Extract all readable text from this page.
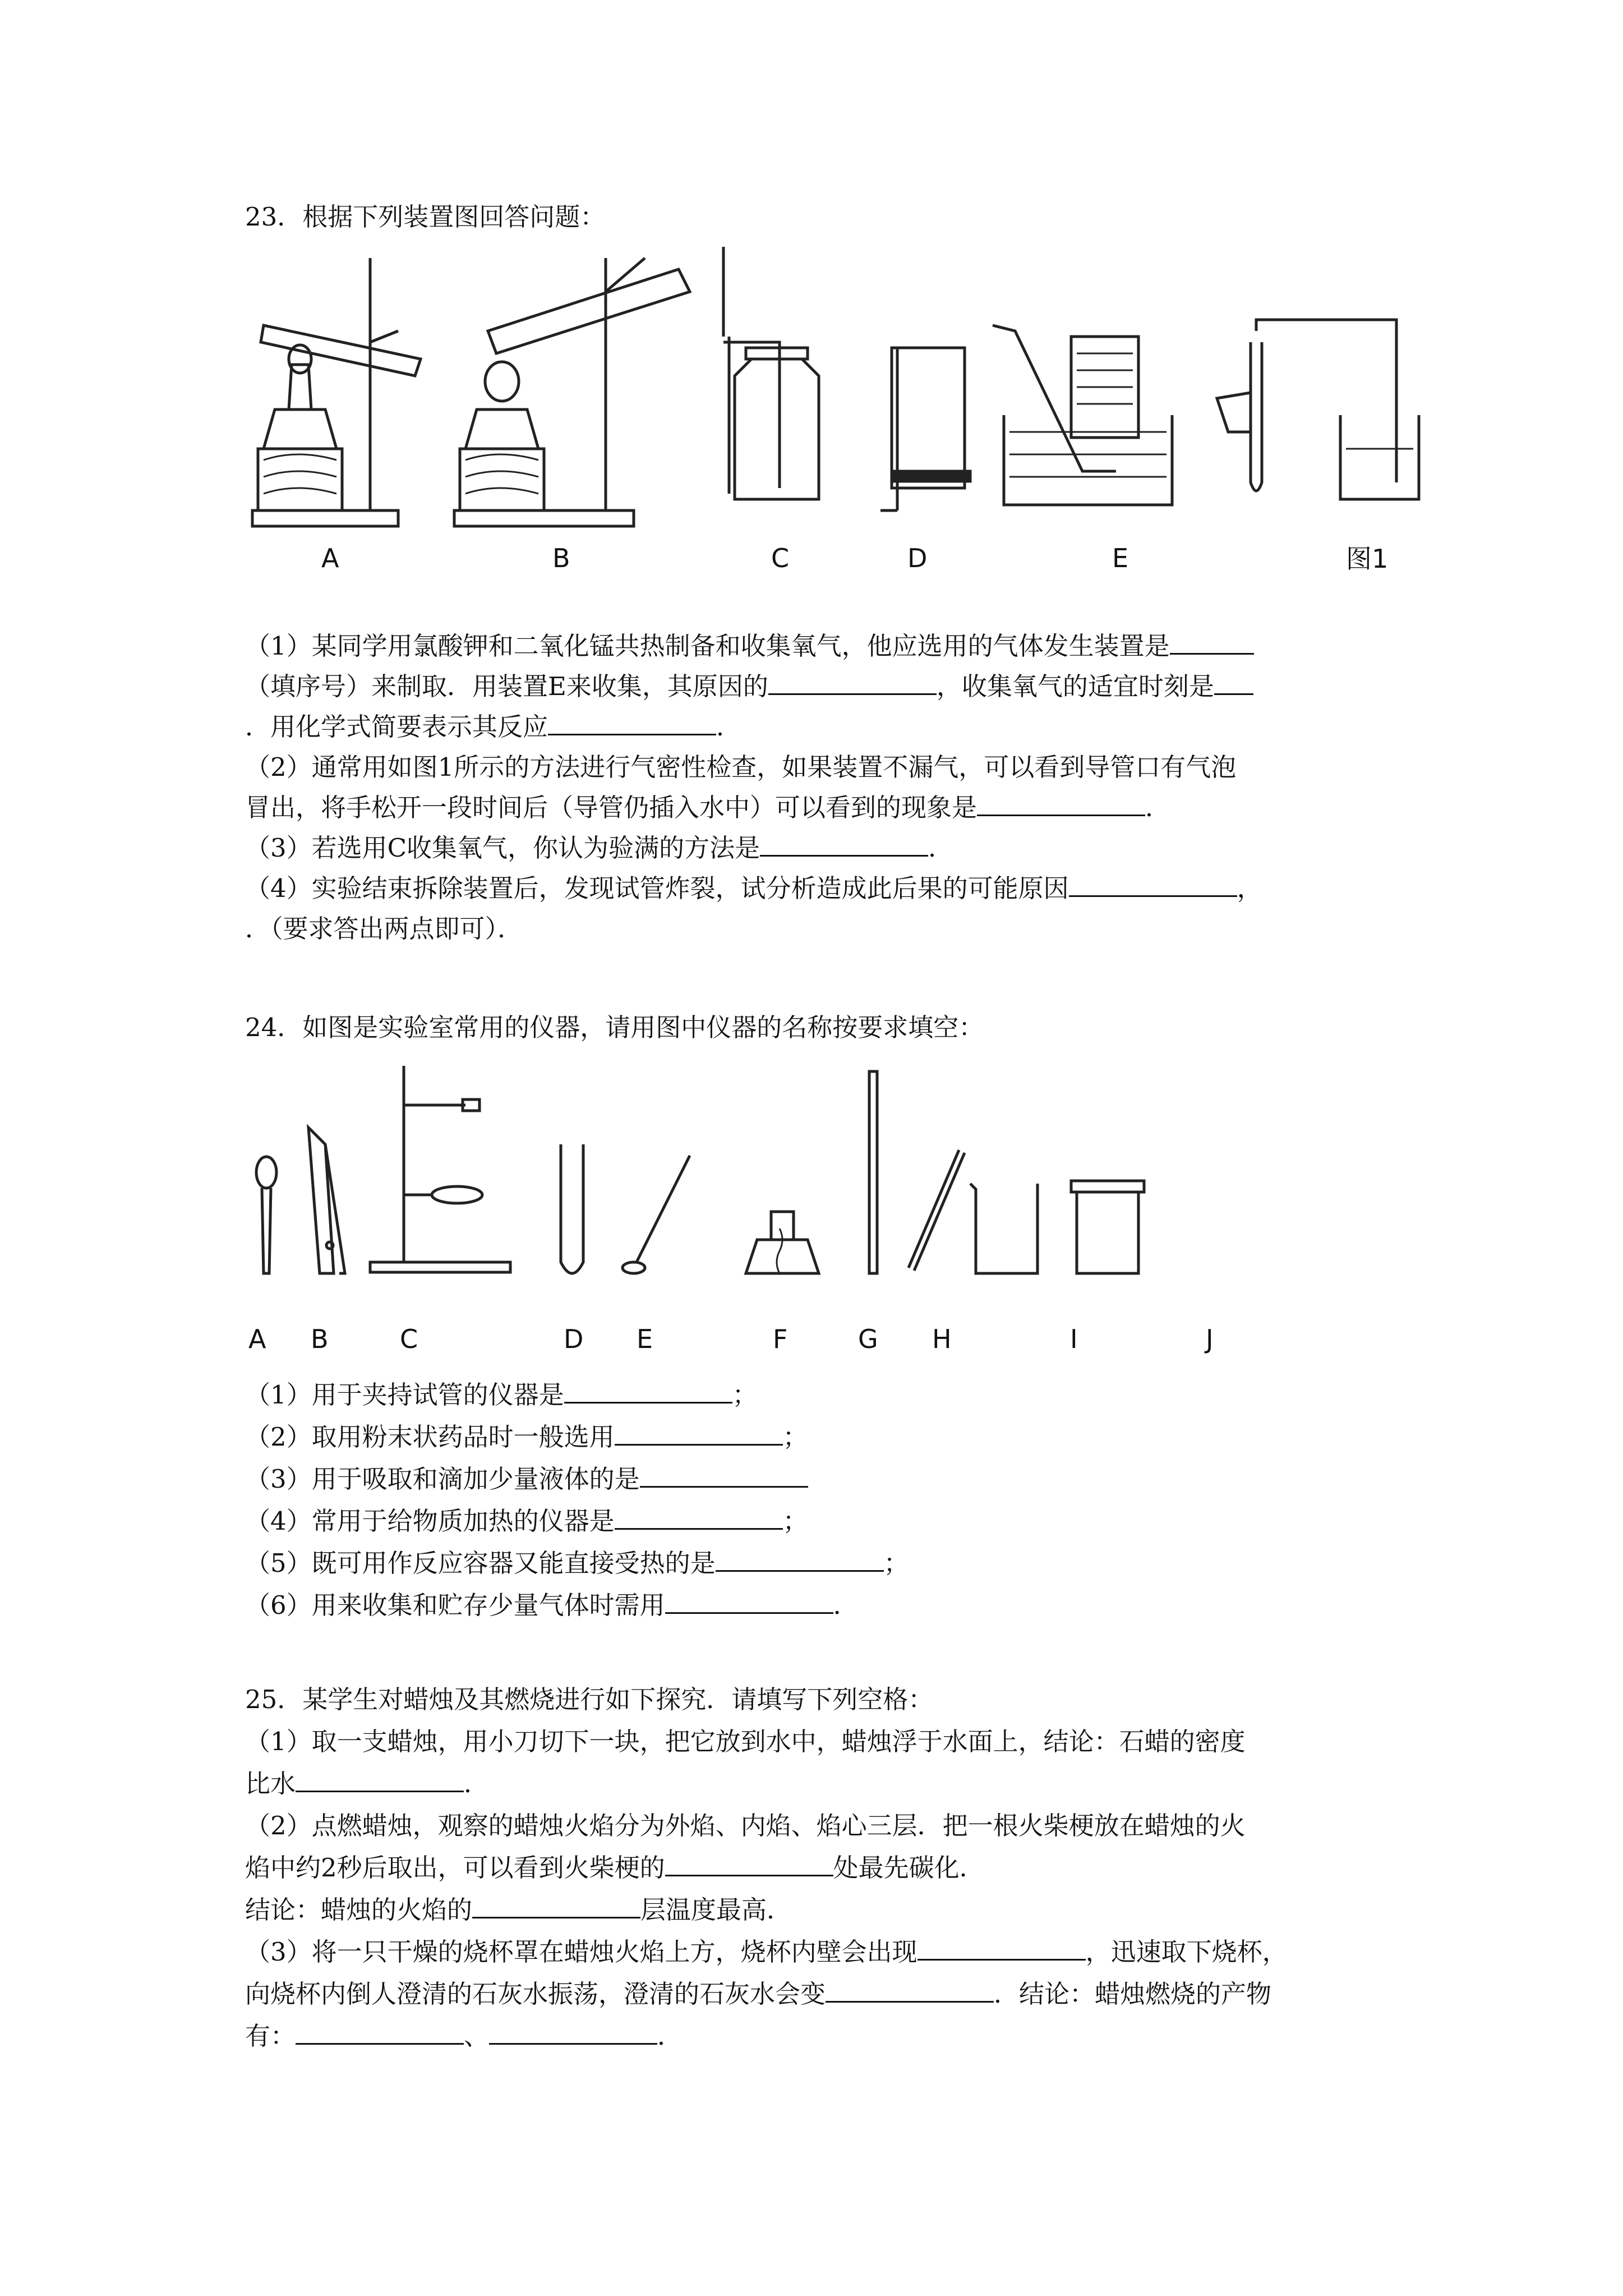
23．根据下列装置图回答问题：
A	B	C	D	E	图1
（1）某同学用氯酸钾和二氧化锰共热制备和收集氧气，他应选用的气体发生装置是
（填序号）来制取．用装置E来收集，其原因的	，收集氧气的适宜时刻是
．用化学式简要表示其反应	．
（2）通常用如图1所示的方法进行气密性检查，如果装置不漏气，可以看到导管口有气泡
冒出，将手松开一段时间后（导管仍插入水中）可以看到的现象是	．
（3）若选用C收集氧气，你认为验满的方法是	．
（4）实验结束拆除装置后，发现试管炸裂，试分析造成此后果的可能原因	，
．（要求答出两点即可）．
24．如图是实验室常用的仪器，请用图中仪器的名称按要求填空：
A B	C	D E	F	G H	I	J
（1）用于夹持试管的仪器是	；
（2）取用粉末状药品时一般选用	；
（3）用于吸取和滴加少量液体的是
（4）常用于给物质加热的仪器是	；
（5）既可用作反应容器又能直接受热的是	；
（6）用来收集和贮存少量气体时需用	．
25．某学生对蜡烛及其燃烧进行如下探究．请填写下列空格：
（1）取一支蜡烛，用小刀切下一块，把它放到水中，蜡烛浮于水面上，结论：石蜡的密度
比水	．
（2）点燃蜡烛，观察的蜡烛火焰分为外焰、内焰、焰心三层．把一根火柴梗放在蜡烛的火
焰中约2秒后取出，可以看到火柴梗的	处最先碳化．
结论：蜡烛的火焰的	层温度最高．
（3）将一只干燥的烧杯罩在蜡烛火焰上方，烧杯内壁会出现	，迅速取下烧杯，
向烧杯内倒人澄清的石灰水振荡，澄清的石灰水会变	．结论：蜡烛燃烧的产物
有：	、	．
